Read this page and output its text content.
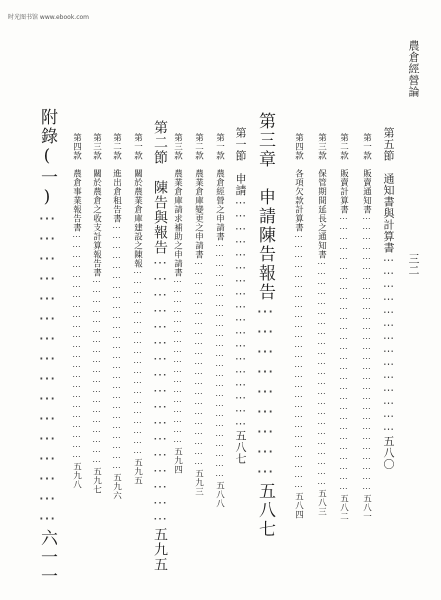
时光图书馆 www.ebook.com
農倉經營論
三二
第五節　通知書與計算書⋯⋯⋯⋯⋯⋯⋯⋯⋯⋯⋯⋯⋯⋯五八〇
第一款　販賣通知書⋯⋯⋯⋯⋯⋯⋯⋯⋯⋯⋯⋯⋯⋯⋯⋯⋯⋯⋯⋯⋯⋯⋯⋯⋯⋯⋯⋯五八一
第二款　販賣計算書⋯⋯⋯⋯⋯⋯⋯⋯⋯⋯⋯⋯⋯⋯⋯⋯⋯⋯⋯⋯⋯⋯⋯⋯⋯⋯⋯⋯五八二
第三款　保管期間延長之通知書⋯⋯⋯⋯⋯⋯⋯⋯⋯⋯⋯⋯⋯⋯⋯⋯⋯⋯⋯⋯⋯⋯⋯五八三
第四款　各項欠款計算書⋯⋯⋯⋯⋯⋯⋯⋯⋯⋯⋯⋯⋯⋯⋯⋯⋯⋯⋯⋯⋯⋯⋯⋯⋯⋯五八四
第三章　申請陳告報告⋯⋯⋯⋯⋯⋯⋯⋯⋯五八七
第一節　申請⋯⋯⋯⋯⋯⋯⋯⋯⋯⋯⋯⋯⋯⋯⋯⋯⋯⋯五八七
第一款　農倉經營之申請書⋯⋯⋯⋯⋯⋯⋯⋯⋯⋯⋯⋯⋯⋯⋯⋯⋯⋯⋯⋯⋯⋯⋯⋯五八八
第二款　農業倉庫變更之申請書⋯⋯⋯⋯⋯⋯⋯⋯⋯⋯⋯⋯⋯⋯⋯⋯⋯⋯⋯⋯⋯五九三
第三款　農業倉庫請求補助之申請書⋯⋯⋯⋯⋯⋯⋯⋯⋯⋯⋯⋯⋯⋯⋯⋯⋯五九四
第二節　陳告與報告⋯⋯⋯⋯⋯⋯⋯⋯⋯⋯⋯⋯⋯⋯⋯⋯⋯五九五
第一款　關於農業倉庫建設之陳報⋯⋯⋯⋯⋯⋯⋯⋯⋯⋯⋯⋯⋯⋯⋯⋯⋯⋯⋯五九五
第二款　進出倉租告書⋯⋯⋯⋯⋯⋯⋯⋯⋯⋯⋯⋯⋯⋯⋯⋯⋯⋯⋯⋯⋯⋯⋯⋯⋯五九六
第三款　關於農倉之收支計算報告書⋯⋯⋯⋯⋯⋯⋯⋯⋯⋯⋯⋯⋯⋯⋯⋯⋯⋯⋯五九七
第四款　農倉事業報告書⋯⋯⋯⋯⋯⋯⋯⋯⋯⋯⋯⋯⋯⋯⋯⋯⋯⋯⋯⋯⋯⋯⋯五九八
附錄(一)⋯⋯⋯⋯⋯⋯⋯⋯⋯⋯⋯⋯⋯⋯⋯⋯六一一
